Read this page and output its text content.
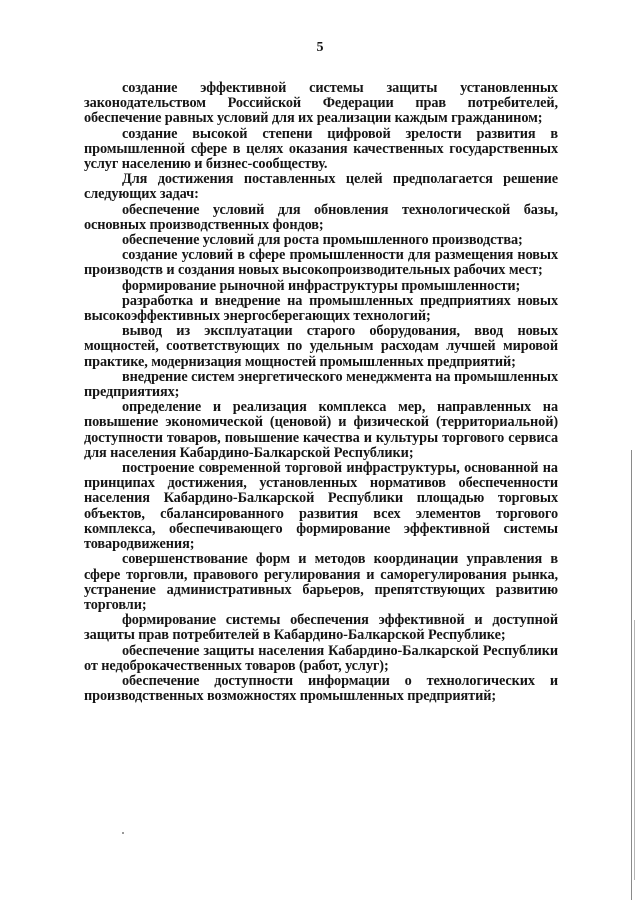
5

создание эффективной системы защиты установленных законодательством Российской Федерации прав потребителей, обеспечение равных условий для их реализации каждым гражданином;

создание высокой степени цифровой зрелости развития в промышленной сфере в целях оказания качественных государственных услуг населению и бизнес-сообществу.

Для достижения поставленных целей предполагается решение следующих задач:

обеспечение условий для обновления технологической базы, основных производственных фондов;

обеспечение условий для роста промышленного производства;

создание условий в сфере промышленности для размещения новых производств и создания новых высокопроизводительных рабочих мест;

формирование рыночной инфраструктуры промышленности;

разработка и внедрение на промышленных предприятиях новых высокоэффективных энергосберегающих технологий;

вывод из эксплуатации старого оборудования, ввод новых мощностей, соответствующих по удельным расходам лучшей мировой практике, модернизация мощностей промышленных предприятий;

внедрение систем энергетического менеджмента на промышленных предприятиях;

определение и реализация комплекса мер, направленных на повышение экономической (ценовой) и физической (территориальной) доступности товаров, повышение качества и культуры торгового сервиса для населения Кабардино-Балкарской Республики;

построение современной торговой инфраструктуры, основанной на принципах достижения, установленных нормативов обеспеченности населения Кабардино-Балкарской Республики площадью торговых объектов, сбалансированного развития всех элементов торгового комплекса, обеспечивающего формирование эффективной системы товародвижения;

совершенствование форм и методов координации управления в сфере торговли, правового регулирования и саморегулирования рынка, устранение административных барьеров, препятствующих развитию торговли;

формирование системы обеспечения эффективной и доступной защиты прав потребителей в Кабардино-Балкарской Республике;

обеспечение защиты населения Кабардино-Балкарской Республики от недоброкачественных товаров (работ, услуг);

обеспечение доступности информации о технологических и производственных возможностях промышленных предприятий;
